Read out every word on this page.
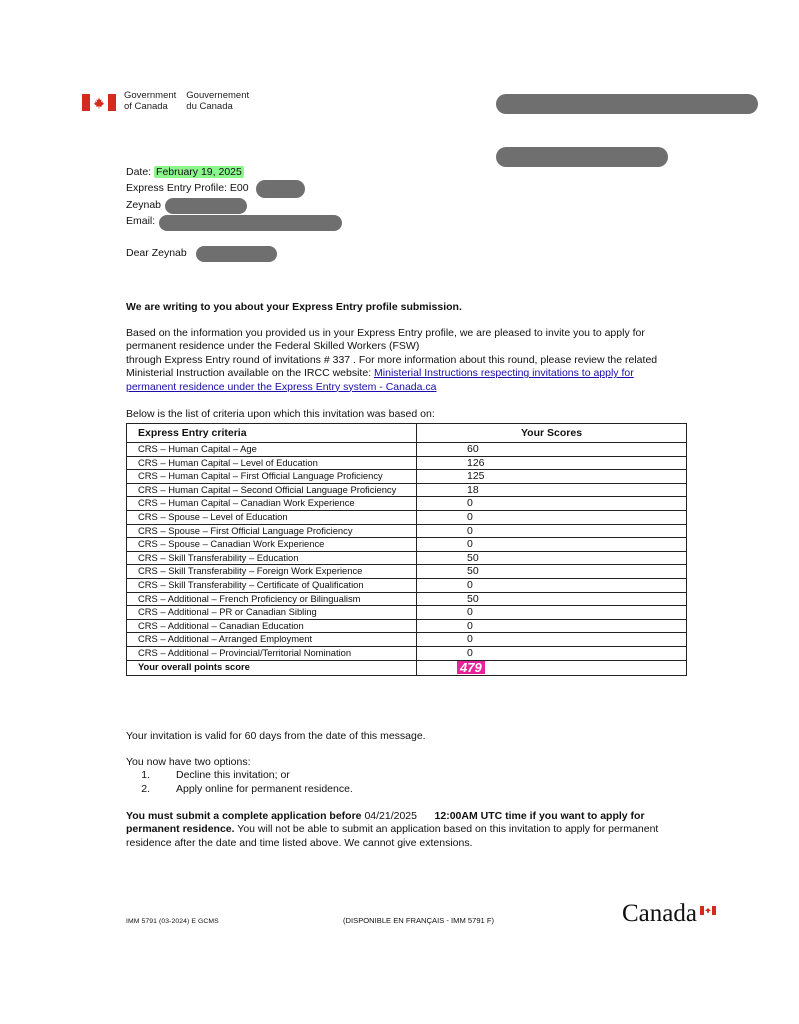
Government
of Canada
Gouvernement
du Canada
Date: February 19, 2025
Express Entry Profile: E00
Zeynab
Email:
Dear Zeynab
We are writing to you about your Express Entry profile submission.
Based on the information you provided us in your Express Entry profile, we are pleased to invite you to apply for
permanent residence under the Federal Skilled Workers (FSW)
through Express Entry round of invitations # 337 . For more information about this round, please review the related
Ministerial Instruction available on the IRCC website: Ministerial Instructions respecting invitations to apply for
permanent residence under the Express Entry system - Canada.ca
Below is the list of criteria upon which this invitation was based on:
Express Entry criteria	Your Scores
CRS – Human Capital – Age	60
CRS – Human Capital – Level of Education	126
CRS – Human Capital – First Official Language Proficiency	125
CRS – Human Capital – Second Official Language Proficiency	18
CRS – Human Capital – Canadian Work Experience	0
CRS – Spouse – Level of Education	0
CRS – Spouse – First Official Language Proficiency	0
CRS – Spouse – Canadian Work Experience	0
CRS – Skill Transferability – Education	50
CRS – Skill Transferability – Foreign Work Experience	50
CRS – Skill Transferability – Certificate of Qualification	0
CRS – Additional – French Proficiency or Bilingualism	50
CRS – Additional – PR or Canadian Sibling	0
CRS – Additional – Canadian Education	0
CRS – Additional – Arranged Employment	0
CRS – Additional – Provincial/Territorial Nomination	0
Your overall points score	479
Your invitation is valid for 60 days from the date of this message.
You now have two options:
1. Decline this invitation; or
2. Apply online for permanent residence.
You must submit a complete application before 04/21/2025 12:00AM UTC time if you want to apply for
permanent residence. You will not be able to submit an application based on this invitation to apply for permanent
residence after the date and time listed above. We cannot give extensions.
IMM 5791 (03-2024) E GCMS	(DISPONIBLE EN FRANÇAIS - IMM 5791 F)	Canada
